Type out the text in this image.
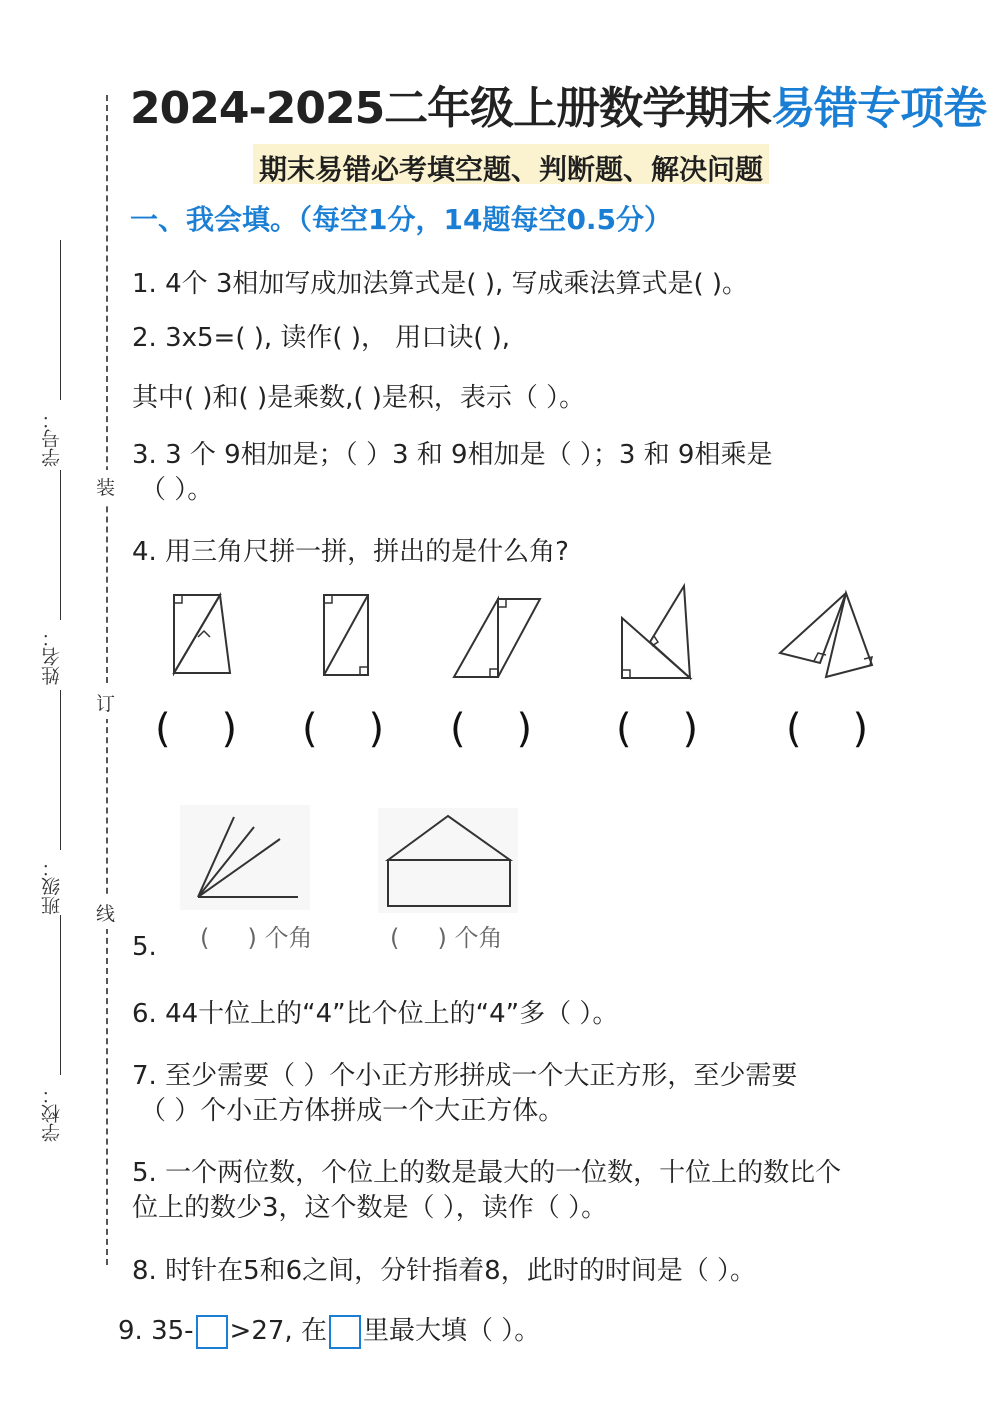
学号：
姓名：
班级：
学校：
装
订
线
2024-2025二年级上册数学期末易错专项卷
期末易错必考填空题、判断题、解决问题
一、我会填。（每空1分，14题每空0.5分）
1. 4个 3相加写成加法算式是( ), 写成乘法算式是( )。
2. 3x5=( ), 读作( )， 用口诀( ),
其中( )和( )是乘数,( )是积，表示（ ）。
3. 3 个 9相加是；（ ）3 和 9相加是（ ）；3 和 9相乘是
（ ）。
4. 用三角尺拼一拼，拼出的是什么角?
(    ) (    ) (    ) (    ) (    )
5. (     ) 个角	(     ) 个角
6. 44十位上的“4”比个位上的“4”多（ ）。
7. 至少需要（ ）个小正方形拼成一个大正方形，至少需要
（ ）个小正方体拼成一个大正方体。
5. 一个两位数，个位上的数是最大的一位数，十位上的数比个
位上的数少3，这个数是（ ），读作（ ）。
8. 时针在5和6之间，分针指着8，此时的时间是（ ）。
9. 35- >27, 在 里最大填（ ）。
